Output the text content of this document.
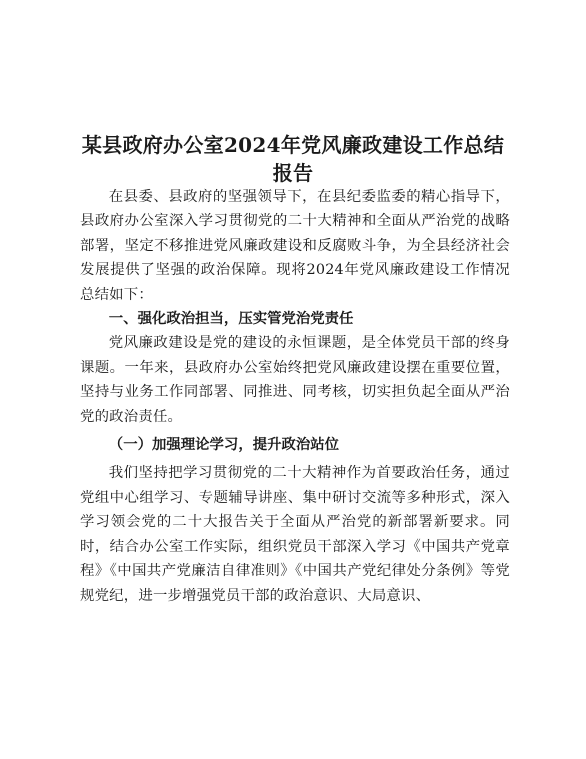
某县政府办公室2024年党风廉政建设工作总结报告

在县委、县政府的坚强领导下，在县纪委监委的精心指导下，县政府办公室深入学习贯彻党的二十大精神和全面从严治党的战略部署，坚定不移推进党风廉政建设和反腐败斗争，为全县经济社会发展提供了坚强的政治保障。现将2024年党风廉政建设工作情况总结如下：

一、强化政治担当，压实管党治党责任

党风廉政建设是党的建设的永恒课题，是全体党员干部的终身课题。一年来，县政府办公室始终把党风廉政建设摆在重要位置，坚持与业务工作同部署、同推进、同考核，切实担负起全面从严治党的政治责任。

（一）加强理论学习，提升政治站位

我们坚持把学习贯彻党的二十大精神作为首要政治任务，通过党组中心组学习、专题辅导讲座、集中研讨交流等多种形式，深入学习领会党的二十大报告关于全面从严治党的新部署新要求。同时，结合办公室工作实际，组织党员干部深入学习《中国共产党章程》《中国共产党廉洁自律准则》《中国共产党纪律处分条例》等党规党纪，进一步增强党员干部的政治意识、大局意识、
